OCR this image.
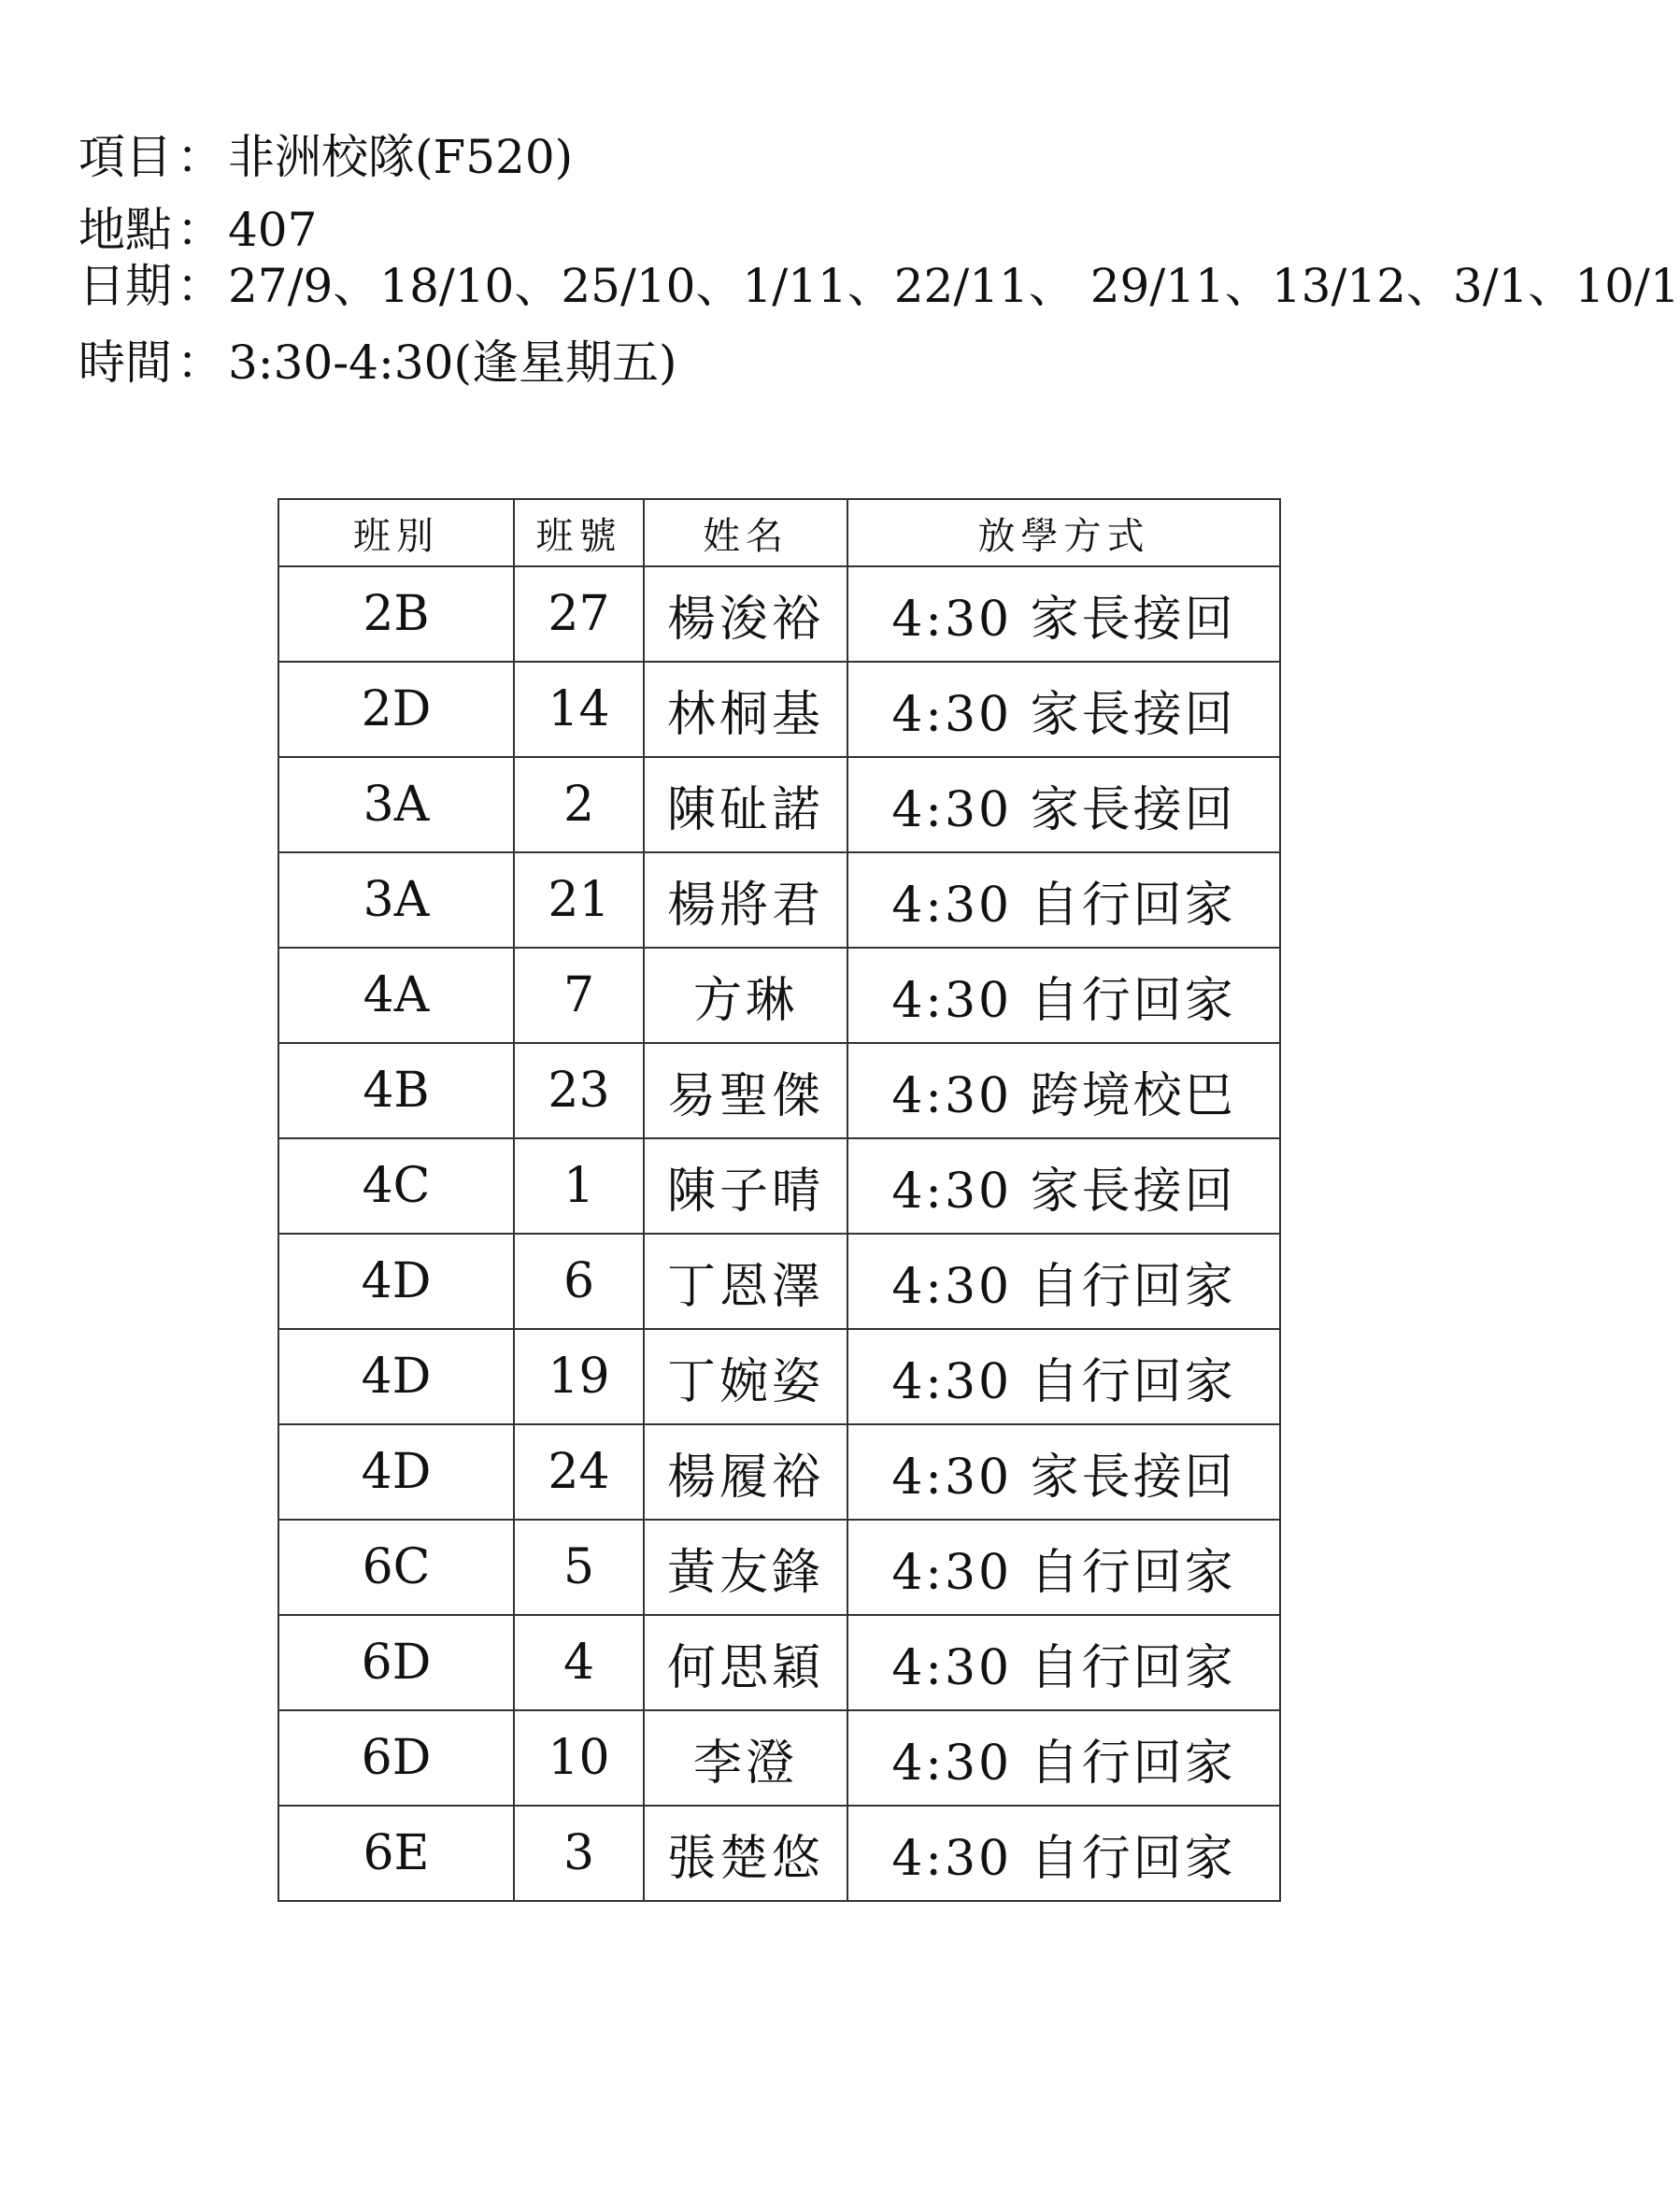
項目 ： 非洲校隊(F520)
地點 ： 407
日期 ： 27/9、18/10、25/10、1/11、22/11、 29/11、13/12、3/1、10/1
時間 ： 3:30-4:30(逢星期五)
班別	班號	姓名	放學方式
2B	27	楊浚裕	4:30 家長接回
2D	14	林桐基	4:30 家長接回
3A	2	陳砋諾	4:30 家長接回
3A	21	楊將君	4:30 自行回家
4A	7	方琳	4:30 自行回家
4B	23	易聖傑	4:30 跨境校巴
4C	1	陳子晴	4:30 家長接回
4D	6	丁恩澤	4:30 自行回家
4D	19	丁婉姿	4:30 自行回家
4D	24	楊履裕	4:30 家長接回
6C	5	黃友鋒	4:30 自行回家
6D	4	何思穎	4:30 自行回家
6D	10	李澄	4:30 自行回家
6E	3	張楚悠	4:30 自行回家
